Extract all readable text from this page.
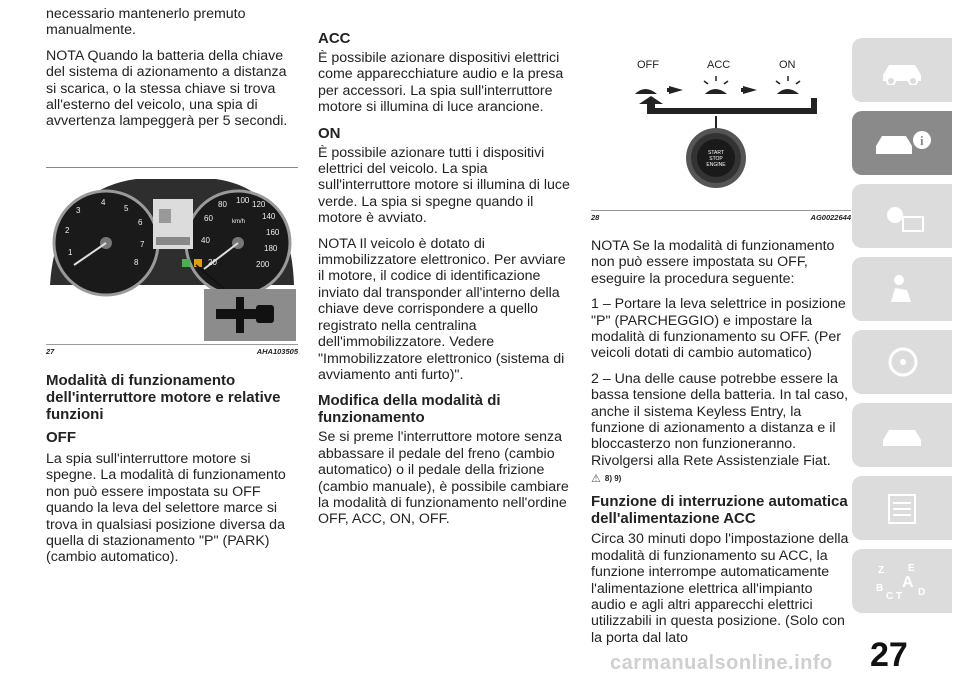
necessario mantenerlo premuto manualmente.

NOTA Quando la batteria della chiave del sistema di azionamento a distanza si scarica, o la stessa chiave si trova all'esterno del veicolo, una spia di avvertenza lampeggerà per 5 secondi.

1
2
3
4
5
6
7
8	20
40
60
80 100 120
140
160
180
200
km/h
27	AHA103505
Modalità di funzionamento dell'interruttore motore e relative funzioni
OFF

La spia sull'interruttore motore si spegne. La modalità di funzionamento non può essere impostata su OFF quando la leva del selettore marce si trova in qualsiasi posizione diversa da quella di stazionamento "P" (PARK) (cambio automatico).

ACC

È possibile azionare dispositivi elettrici come apparecchiature audio e la presa per accessori. La spia sull'interruttore motore si illumina di luce arancione.

ON

È possibile azionare tutti i dispositivi elettrici del veicolo. La spia sull'interruttore motore si illumina di luce verde. La spia si spegne quando il motore è avviato.

NOTA Il veicolo è dotato di immobilizzatore elettronico. Per avviare il motore, il codice di identificazione inviato dal transponder all'interno della chiave deve corrispondere a quello registrato nella centralina dell'immobilizzatore. Vedere "Immobilizzatore elettronico (sistema di avviamento anti furto)".

Modifica della modalità di funzionamento

Se si preme l'interruttore motore senza abbassare il pedale del freno (cambio automatico) o il pedale della frizione (cambio manuale), è possibile cambiare la modalità di funzionamento nell'ordine OFF, ACC, ON, OFF.

OFF	ACC	ON
START
STOP
ENGINE
28	AG0022644

NOTA Se la modalità di funzionamento non può essere impostata su OFF, eseguire la procedura seguente:

1 – Portare la leva selettrice in posizione "P" (PARCHEGGIO) e impostare la modalità di funzionamento su OFF. (Per veicoli dotati di cambio automatico)

2 – Una delle cause potrebbe essere la bassa tensione della batteria. In tal caso, anche il sistema Keyless Entry, la funzione di azionamento a distanza e il bloccasterzo non funzioneranno. Rivolgersi alla Rete Assistenziale Fiat.

⚠ 8) 9)
Funzione di interruzione automatica dell'alimentazione ACC

Circa 30 minuti dopo l'impostazione della modalità di funzionamento su ACC, la funzione interrompe automaticamente l'alimentazione elettrica all'impianto audio e agli altri apparecchi elettrici utilizzabili in questa posizione. (Solo con la porta dal lato

i
Z E
B A
C T D
carmanualsonline.info 27
